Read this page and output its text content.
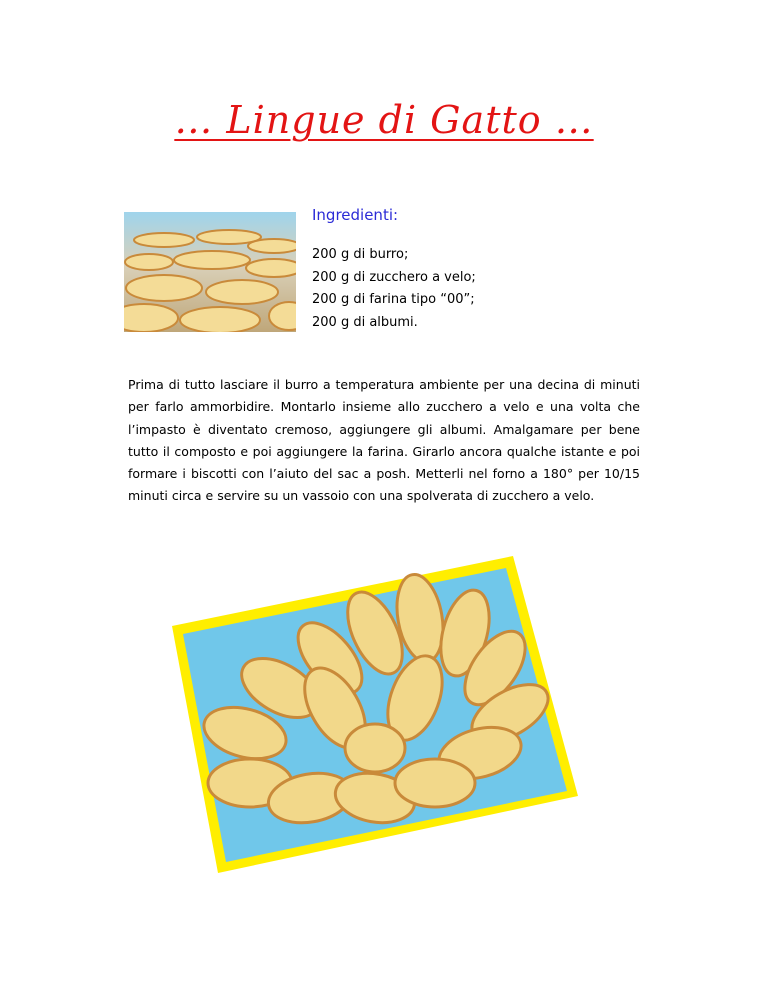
… Lingue di Gatto …
Ingredienti:
200 g di burro;
200 g di zucchero a velo;
200 g di farina tipo “00”;
200 g di albumi.

Prima di tutto lasciare il burro a temperatura ambiente per una decina di minuti per farlo ammorbidire. Montarlo insieme allo zucchero a velo e una volta che l’impasto è diventato cremoso, aggiungere gli albumi. Amalgamare per bene tutto il composto e poi aggiungere la farina. Girarlo ancora qualche istante e poi formare i biscotti con l’aiuto del sac a posh. Metterli nel forno a 180° per 10/15 minuti circa e servire su un vassoio con una spolverata di zucchero a velo.
